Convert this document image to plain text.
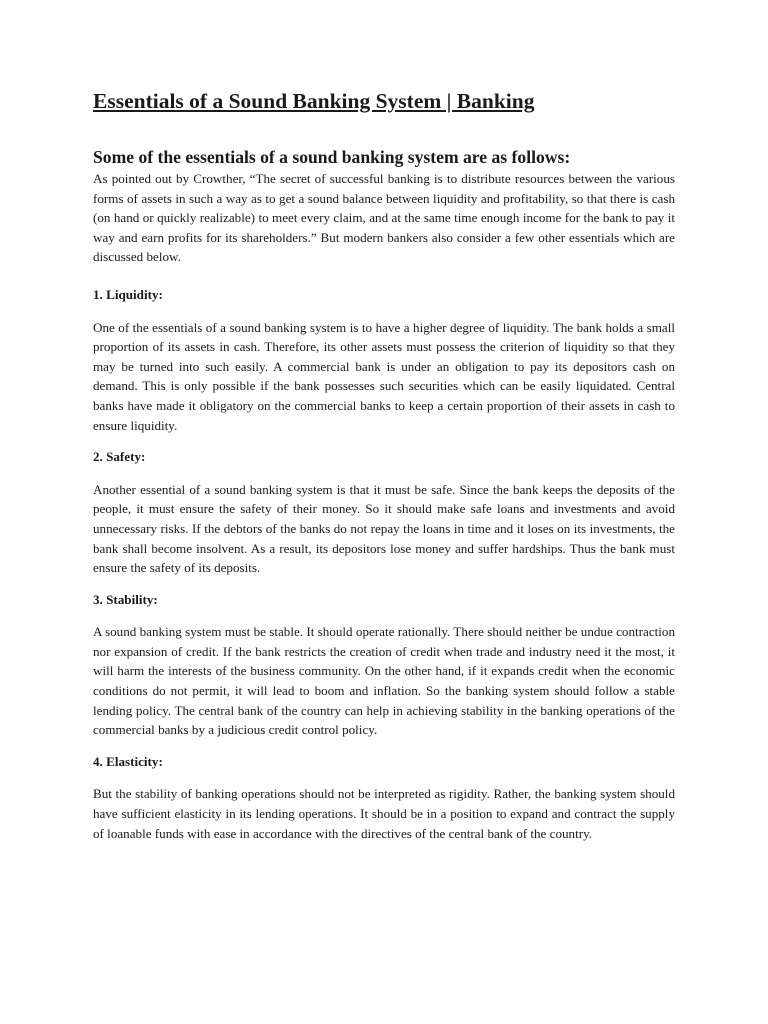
Essentials of a Sound Banking System | Banking
Some of the essentials of a sound banking system are as follows:

As pointed out by Crowther, “The secret of successful banking is to distribute resources between the various forms of assets in such a way as to get a sound balance between liquidity and profitability, so that there is cash (on hand or quickly realizable) to meet every claim, and at the same time enough income for the bank to pay it way and earn profits for its shareholders.” But modern bankers also consider a few other essentials which are discussed below.

1. Liquidity:

One of the essentials of a sound banking system is to have a higher degree of liquidity. The bank holds a small proportion of its assets in cash. Therefore, its other assets must possess the criterion of liquidity so that they may be turned into such easily. A commercial bank is under an obligation to pay its depositors cash on demand. This is only possible if the bank possesses such securities which can be easily liquidated. Central banks have made it obligatory on the commercial banks to keep a certain proportion of their assets in cash to ensure liquidity.

2. Safety:

Another essential of a sound banking system is that it must be safe. Since the bank keeps the deposits of the people, it must ensure the safety of their money. So it should make safe loans and investments and avoid unnecessary risks. If the debtors of the banks do not repay the loans in time and it loses on its investments, the bank shall become insolvent. As a result, its depositors lose money and suffer hardships. Thus the bank must ensure the safety of its deposits.

3. Stability:

A sound banking system must be stable. It should operate rationally. There should neither be undue contraction nor expansion of credit. If the bank restricts the creation of credit when trade and industry need it the most, it will harm the interests of the business community. On the other hand, if it expands credit when the economic conditions do not permit, it will lead to boom and inflation. So the banking system should follow a stable lending policy. The central bank of the country can help in achieving stability in the banking operations of the commercial banks by a judicious credit control policy.

4. Elasticity:

But the stability of banking operations should not be interpreted as rigidity. Rather, the banking system should have sufficient elasticity in its lending operations. It should be in a position to expand and contract the supply of loanable funds with ease in accordance with the directives of the central bank of the country.
